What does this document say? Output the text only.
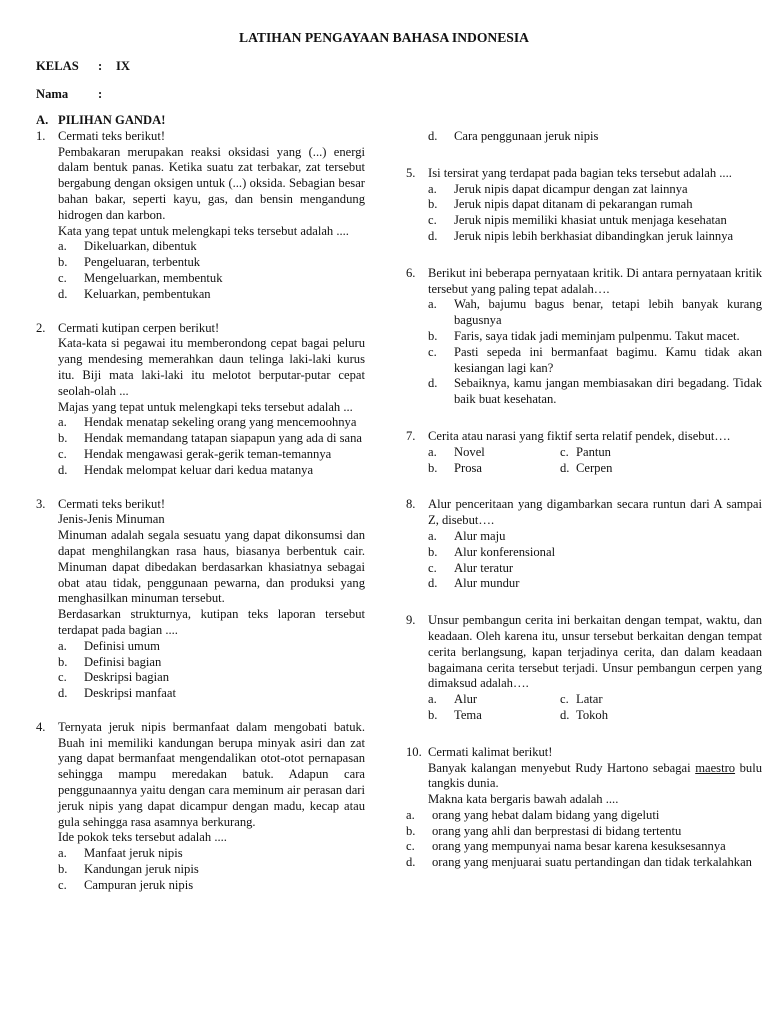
LATIHAN PENGAYAAN BAHASA INDONESIA
KELAS : IX
Nama :
A. PILIHAN GANDA!
1. Cermati teks berikut!
Pembakaran merupakan reaksi oksidasi yang (...) energi dalam bentuk panas. Ketika suatu zat terbakar, zat tersebut bergabung dengan oksigen untuk (...) oksida. Sebagian besar bahan bakar, seperti kayu, gas, dan bensin mengandung hidrogen dan karbon.
Kata yang tepat untuk melengkapi teks tersebut adalah ....
a.	Dikeluarkan, dibentuk
b.	Pengeluaran, terbentuk
c.	Mengeluarkan, membentuk
d.	Keluarkan, pembentukan
2. Cermati kutipan cerpen berikut!
Kata-kata si pegawai itu memberondong cepat bagai peluru yang mendesing memerahkan daun telinga laki-laki kurus itu. Biji mata laki-laki itu melotot berputar-putar cepat seolah-olah ...
Majas yang tepat untuk melengkapi teks tersebut adalah ...
a.	Hendak menatap sekeling orang yang mencemoohnya
b.	Hendak memandang tatapan siapapun yang ada di sana
c.	Hendak mengawasi gerak-gerik teman-temannya
d.	Hendak melompat keluar dari kedua matanya
3. Cermati teks berikut!
Jenis-Jenis Minuman
Minuman adalah segala sesuatu yang dapat dikonsumsi dan dapat menghilangkan rasa haus, biasanya berbentuk cair. Minuman dapat dibedakan berdasarkan khasiatnya sebagai obat atau tidak, penggunaan pewarna, dan produksi yang menghasilkan minuman tersebut.
Berdasarkan strukturnya, kutipan teks laporan tersebut terdapat pada bagian ....
a.	Definisi umum
b.	Definisi bagian
c.	Deskripsi bagian
d.	Deskripsi manfaat
4. Ternyata jeruk nipis bermanfaat dalam mengobati batuk. Buah ini memiliki kandungan berupa minyak asiri dan zat yang dapat bermanfaat mengendalikan otot-otot pernapasan sehingga mampu meredakan batuk. Adapun cara penggunaannya yaitu dengan cara meminum air perasan dari jeruk nipis yang dapat dicampur dengan madu, kecap atau gula sehingga rasa asamnya berkurang.
Ide pokok teks tersebut adalah ....
a.	Manfaat jeruk nipis
b.	Kandungan jeruk nipis
c.	Campuran jeruk nipis
d.	Cara penggunaan jeruk nipis
5. Isi tersirat yang terdapat pada bagian teks tersebut adalah ....
a.	Jeruk nipis dapat dicampur dengan zat lainnya
b.	Jeruk nipis dapat ditanam di pekarangan rumah
c.	Jeruk nipis memiliki khasiat untuk menjaga kesehatan
d.	Jeruk nipis lebih berkhasiat dibandingkan jeruk lainnya
6. Berikut ini beberapa pernyataan kritik. Di antara pernyataan kritik tersebut yang paling tepat adalah….
a.	Wah, bajumu bagus benar, tetapi lebih banyak kurang bagusnya
b.	Faris, saya tidak jadi meminjam pulpenmu. Takut macet.
c.	Pasti sepeda ini bermanfaat bagimu. Kamu tidak akan kesiangan lagi kan?
d.	Sebaiknya, kamu jangan membiasakan diri begadang. Tidak baik buat kesehatan.
7. Cerita atau narasi yang fiktif serta relatif pendek, disebut….
a.	Novel	c. Pantun
b.	Prosa	d. Cerpen
8. Alur penceritaan yang digambarkan secara runtun dari A sampai Z, disebut….
a.	Alur maju
b.	Alur konferensional
c.	Alur teratur
d.	Alur mundur
9. Unsur pembangun cerita ini berkaitan dengan tempat, waktu, dan keadaan. Oleh karena itu, unsur tersebut berkaitan dengan tempat cerita berlangsung, kapan terjadinya cerita, dan dalam keadaan bagaimana cerita tersebut terjadi. Unsur pembangun cerpen yang dimaksud adalah….
a.	Alur	c. Latar
b.	Tema	d. Tokoh
10. Cermati kalimat berikut!
Banyak kalangan menyebut Rudy Hartono sebagai maestro bulu tangkis dunia.
Makna kata bergaris bawah adalah ....
a.	orang yang hebat dalam bidang yang digeluti
b.	orang yang ahli dan berprestasi di bidang tertentu
c.	orang yang mempunyai nama besar karena kesuksesannya
d.	orang yang menjuarai suatu pertandingan dan tidak terkalahkan
